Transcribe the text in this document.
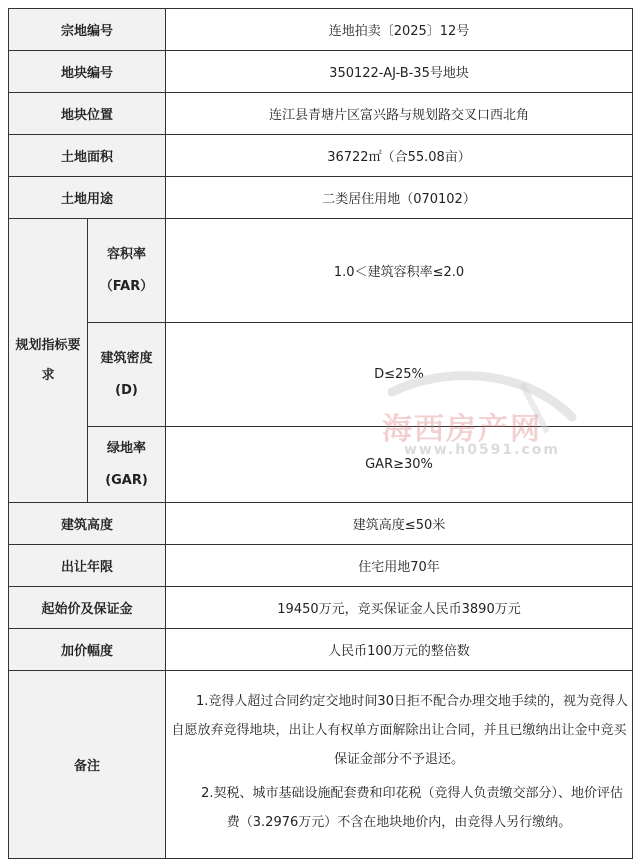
宗地编号		连地拍卖〔2025〕12号
地块编号		350122-AJ-B-35号地块
地块位置		连江县青塘片区富兴路与规划路交叉口西北角
土地面积		36722㎡（合55.08亩）
土地用途		二类居住用地（070102）
规划指标要求	容积率（FAR）	1.0＜建筑容积率≤2.0
	建筑密度(D)	D≤25%
	绿地率(GAR)	GAR≥30%
建筑高度		建筑高度≤50米
出让年限		住宅用地70年
起始价及保证金		19450万元，竞买保证金人民币3890万元
加价幅度		人民币100万元的整倍数
备注		1.竞得人超过合同约定交地时间30日拒不配合办理交地手续的，视为竞得人自愿放弃竞得地块，出让人有权单方面解除出让合同，并且已缴纳出让金中竞买保证金部分不予退还。

2.契税、城市基础设施配套费和印花税（竞得人负责缴交部分）、地价评估费（3.2976万元）不含在地块地价内，由竞得人另行缴纳。

海西房产网
www.h0591.com
